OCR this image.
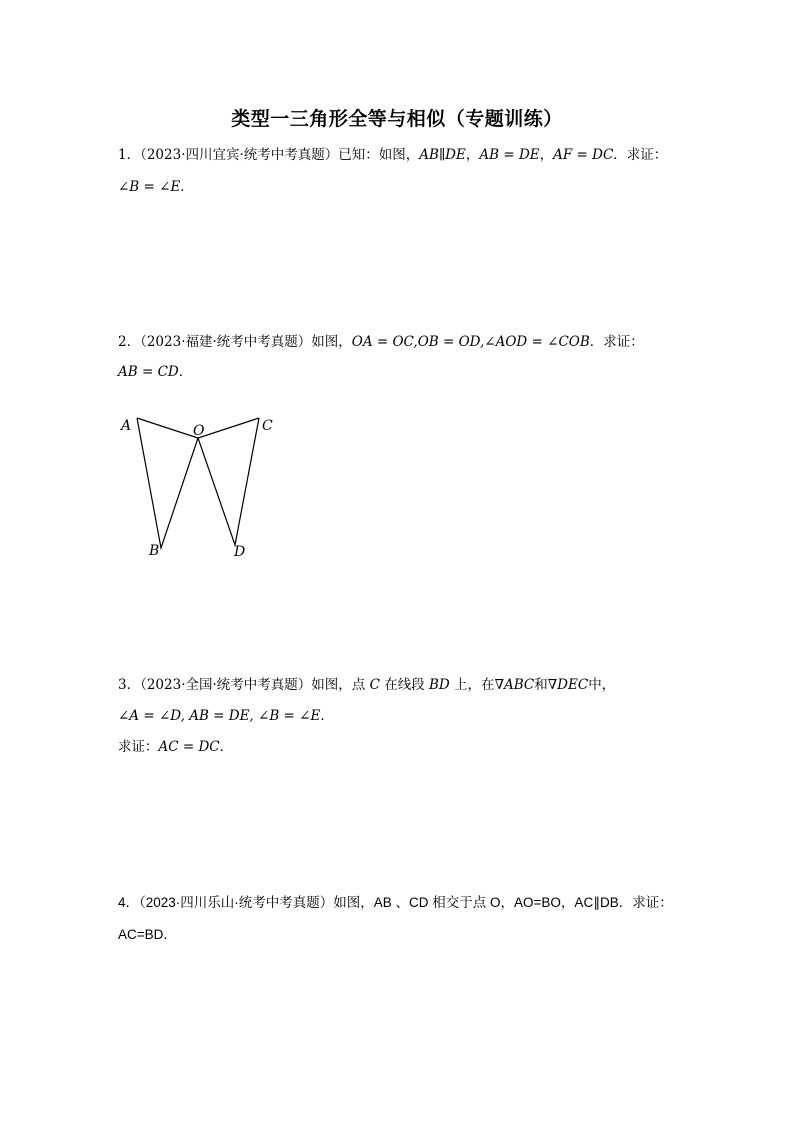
类型一三角形全等与相似（专题训练）
1．（2023·四川宜宾·统考中考真题）已知：如图，AB∥DE，AB = DE，AF = DC．求证：
∠B = ∠E．
2．（2023·福建·统考中考真题）如图，OA = OC,OB = OD,∠AOD = ∠COB．求证：
AB = CD．
A	O	C
B	D
3．（2023·全国·统考中考真题）如图，点 C 在线段 BD 上，在∇ABC和∇DEC中，
∠A = ∠D, AB = DE, ∠B = ∠E．
求证：AC = DC．
4．（2023·四川乐山·统考中考真题）如图，AB 、CD 相交于点 O，AO=BO，AC∥DB．求证：
AC=BD．
